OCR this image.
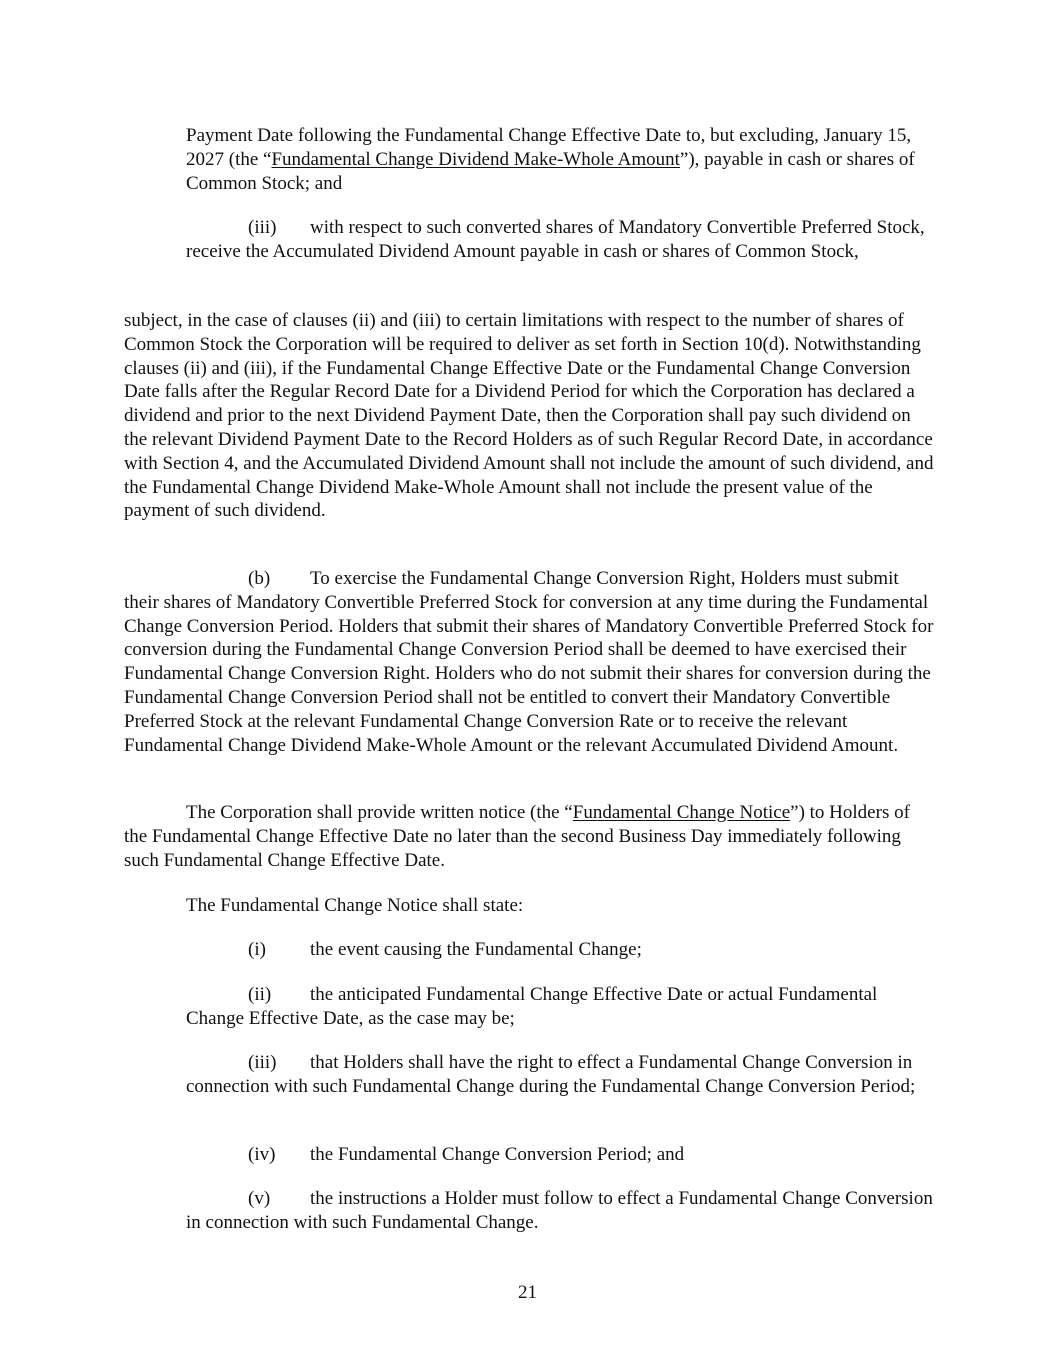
Payment Date following the Fundamental Change Effective Date to, but excluding, January 15, 2027 (the “Fundamental Change Dividend Make-Whole Amount”), payable in cash or shares of Common Stock; and

(iii) with respect to such converted shares of Mandatory Convertible Preferred Stock, receive the Accumulated Dividend Amount payable in cash or shares of Common Stock,

subject, in the case of clauses (ii) and (iii) to certain limitations with respect to the number of shares of Common Stock the Corporation will be required to deliver as set forth in Section 10(d). Notwithstanding clauses (ii) and (iii), if the Fundamental Change Effective Date or the Fundamental Change Conversion Date falls after the Regular Record Date for a Dividend Period for which the Corporation has declared a dividend and prior to the next Dividend Payment Date, then the Corporation shall pay such dividend on the relevant Dividend Payment Date to the Record Holders as of such Regular Record Date, in accordance with Section 4, and the Accumulated Dividend Amount shall not include the amount of such dividend, and the Fundamental Change Dividend Make-Whole Amount shall not include the present value of the payment of such dividend.

(b) To exercise the Fundamental Change Conversion Right, Holders must submit their shares of Mandatory Convertible Preferred Stock for conversion at any time during the Fundamental Change Conversion Period. Holders that submit their shares of Mandatory Convertible Preferred Stock for conversion during the Fundamental Change Conversion Period shall be deemed to have exercised their Fundamental Change Conversion Right. Holders who do not submit their shares for conversion during the Fundamental Change Conversion Period shall not be entitled to convert their Mandatory Convertible Preferred Stock at the relevant Fundamental Change Conversion Rate or to receive the relevant Fundamental Change Dividend Make-Whole Amount or the relevant Accumulated Dividend Amount.

The Corporation shall provide written notice (the “Fundamental Change Notice”) to Holders of the Fundamental Change Effective Date no later than the second Business Day immediately following such Fundamental Change Effective Date.

The Fundamental Change Notice shall state:

(i) the event causing the Fundamental Change;

(ii) the anticipated Fundamental Change Effective Date or actual Fundamental Change Effective Date, as the case may be;

(iii) that Holders shall have the right to effect a Fundamental Change Conversion in connection with such Fundamental Change during the Fundamental Change Conversion Period;

(iv) the Fundamental Change Conversion Period; and

(v) the instructions a Holder must follow to effect a Fundamental Change Conversion in connection with such Fundamental Change.

21
